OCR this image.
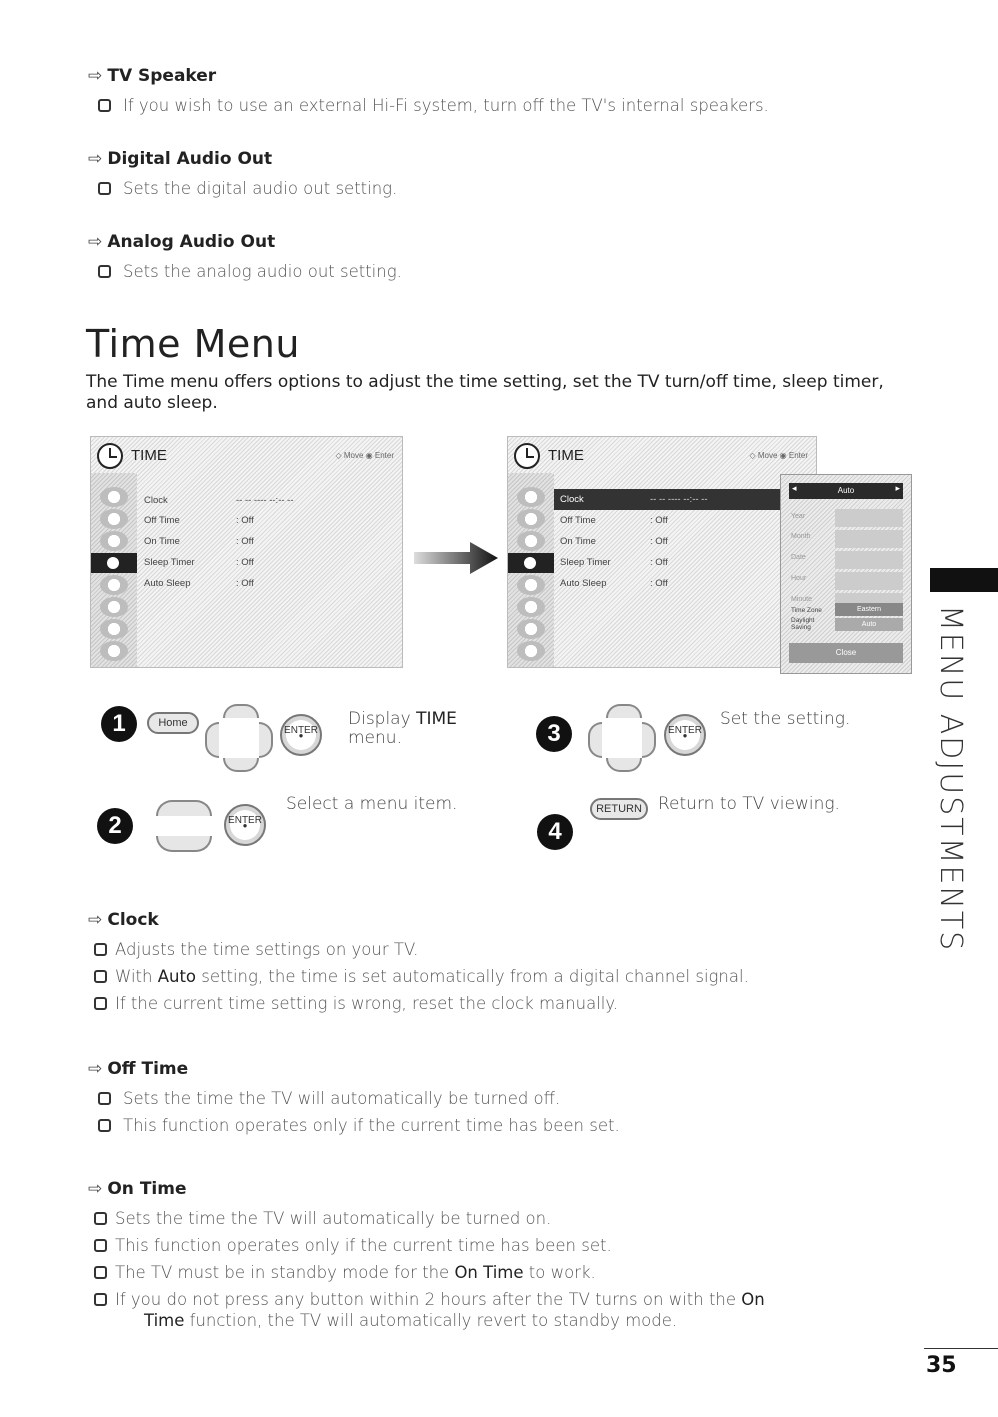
⇨ TV Speaker
If you wish to use an external Hi-Fi system, turn off the TV's internal speakers.
⇨ Digital Audio Out
Sets the digital audio out setting.
⇨ Analog Audio Out
Sets the analog audio out setting.
Time Menu
The Time menu offers options to adjust the time setting, set the TV turn/off time, sleep timer, and auto sleep.
TIME	◇ Move ◉ Enter
Clock	-- -- ---- --:-- --
Off Time	: Off
On Time	: Off
Sleep Timer	: Off
Auto Sleep	: Off
TIME	◇ Move ◉ Enter
Clock	-- -- ---- --:-- --
Off Time	: Off
On Time	: Off
Sleep Timer	: Off
Auto Sleep	: Off
◂	Auto	▸
Year
Month
Date
Hour
Minute
Time Zone	Eastern
Daylight Saving	Auto
Close
1	Home
ENTER ●
Display TIME
menu.
2	ENTER ●
Select a menu item.
3	ENTER ●
Set the setting.
4
RETURN Return to TV viewing.	MENU ADJUSTMENTS
⇨ Clock
Adjusts the time settings on your TV.
With Auto setting, the time is set automatically from a digital channel signal.
If the current time setting is wrong, reset the clock manually.
⇨ Off Time
Sets the time the TV will automatically be turned off.
This function operates only if the current time has been set.
⇨ On Time
Sets the time the TV will automatically be turned on.
This function operates only if the current time has been set.
The TV must be in standby mode for the On Time to work.
If you do not press any button within 2 hours after the TV turns on with the On
Time function, the TV will automatically revert to standby mode.
35
